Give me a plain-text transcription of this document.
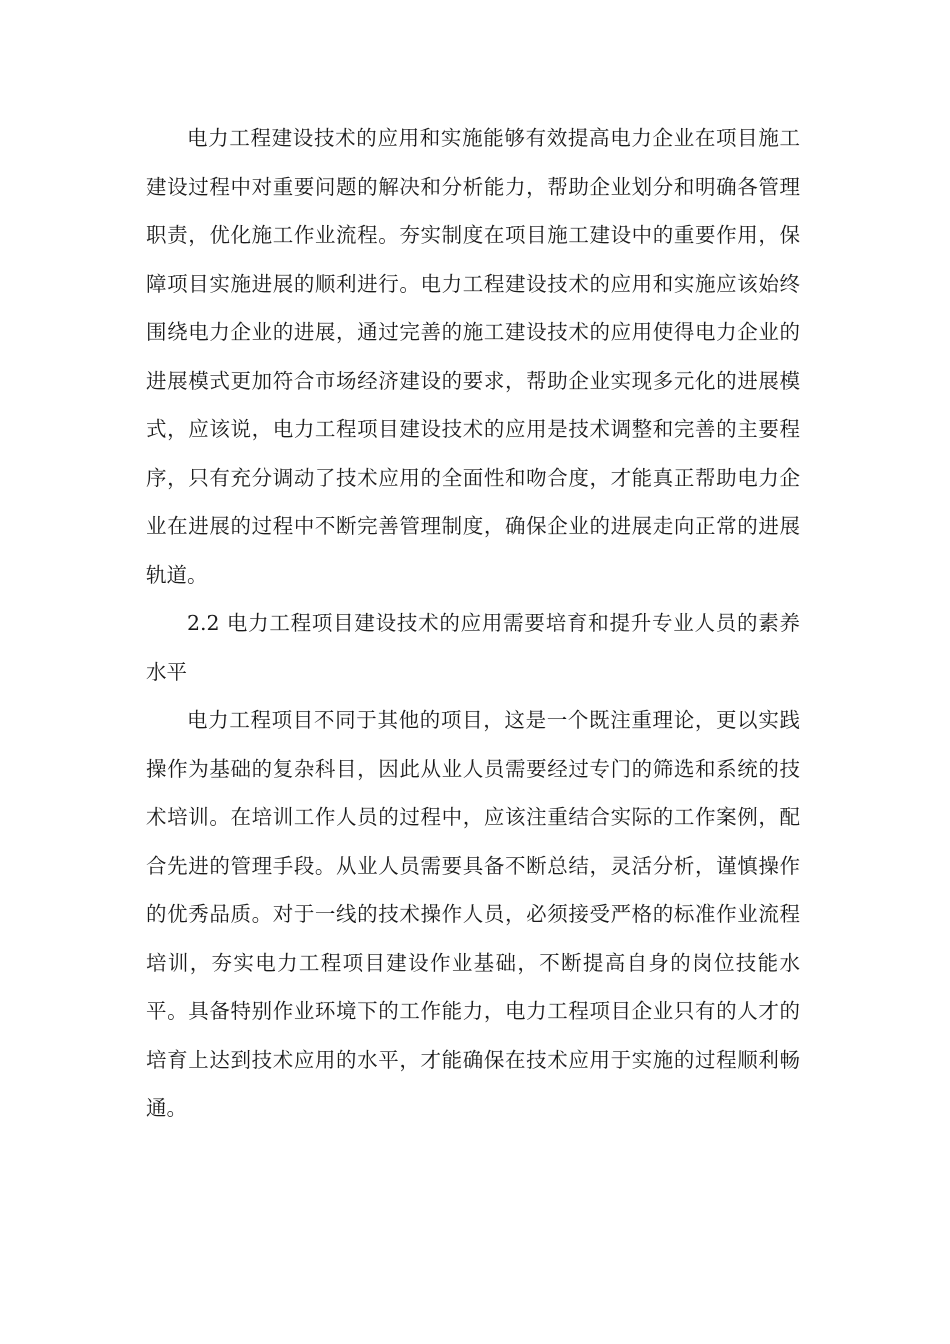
电力工程建设技术的应用和实施能够有效提高电力企业在项目施工建设过程中对重要问题的解决和分析能力，帮助企业划分和明确各管理职责，优化施工作业流程。夯实制度在项目施工建设中的重要作用，保障项目实施进展的顺利进行。电力工程建设技术的应用和实施应该始终围绕电力企业的进展，通过完善的施工建设技术的应用使得电力企业的进展模式更加符合市场经济建设的要求，帮助企业实现多元化的进展模式，应该说，电力工程项目建设技术的应用是技术调整和完善的主要程序，只有充分调动了技术应用的全面性和吻合度，才能真正帮助电力企业在进展的过程中不断完善管理制度，确保企业的进展走向正常的进展轨道。

2.2 电力工程项目建设技术的应用需要培育和提升专业人员的素养水平

电力工程项目不同于其他的项目，这是一个既注重理论，更以实践操作为基础的复杂科目，因此从业人员需要经过专门的筛选和系统的技术培训。在培训工作人员的过程中，应该注重结合实际的工作案例，配合先进的管理手段。从业人员需要具备不断总结，灵活分析，谨慎操作的优秀品质。对于一线的技术操作人员，必须接受严格的标准作业流程培训，夯实电力工程项目建设作业基础，不断提高自身的岗位技能水平。具备特别作业环境下的工作能力，电力工程项目企业只有的人才的培育上达到技术应用的水平，才能确保在技术应用于实施的过程顺利畅通。
